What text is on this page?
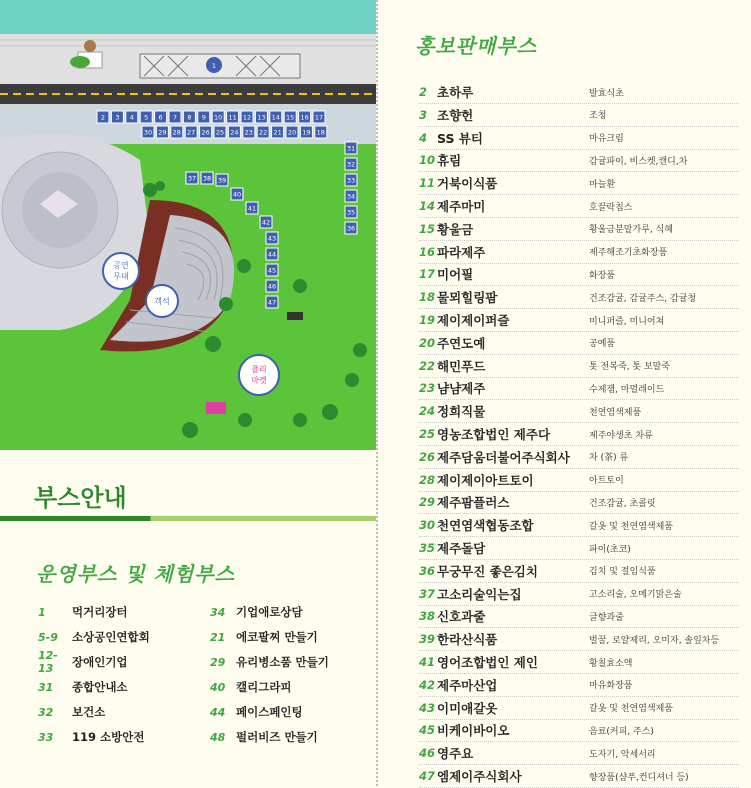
1
2 3 4 5 6 7 8 9 10 11 12 13 14 15 16 17
30 29 28 27 26 25 24 23 22 21 20 19 18
31
32
33
34
35
36
37 38 39
40
41
42
43
44
45
46
47
공연
무대
객석
플리
마켓
부스안내
운영부스 및 체험부스
1	먹거리장터
5-9	소상공인연합회
12-13	장애인기업
31	종합안내소
32	보건소
33	119 소방안전
34 기업애로상담
21 에코팔찌 만들기
29 유리병소품 만들기
40 캘리그라피
44 페이스페인팅
48 펄러비즈 만들기
홍보판매부스
2 초하루	발효식초
3 조향헌	조청
4 SS 뷰티	마유크림
10 휴림	감귤파이, 비스켓,캔디,차
11 거북이식품	마늘환
14 제주마미	호끌락칩스
15 황울금	황울금분말가루, 식혜
16 파라제주	제주해조기초화장품
17 미어필	화장품
18 물뫼힐링팜	건조감귤, 감귤주스, 감귤청
19 제이제이퍼즐	미니퍼즐, 미니어쳐
20 주연도예	공예품
22 해민푸드	톳 전복죽, 톳 보말죽
23 냠냠제주	수제잼, 마멀레이드
24 정희직물	천연염색제품
25 영농조합법인 제주다	제주야생초 차류
26 제주담움더불어주식회사	차 (茶) 류
28 제이제이아트토이	아트토이
29 제주팜플러스	건조감귤, 초콜릿
30 천연염색협동조합	갈옷 및 천연염색제품
35 제주돌담	파이(초코)
36 무궁무진 좋은김치	김치 및 절임식품
37 고소리술익는집	고소리술, 오메기맑은술
38 신호과줄	글향과줄
39 한라산식품	벌꿀, 로얄제리, 오미자, 솔잎차등
41 영어조합법인 제인	황칠효소액
42 제주마산업	마유화장품
43 이미애갈옷	갈옷 및 천연염색제품
45 비케이바이오	음료(커피, 주스)
46 영주요	도자기, 악세서리
47 엠제이주식회사	향장품(샴푸,컨디셔너 등)
